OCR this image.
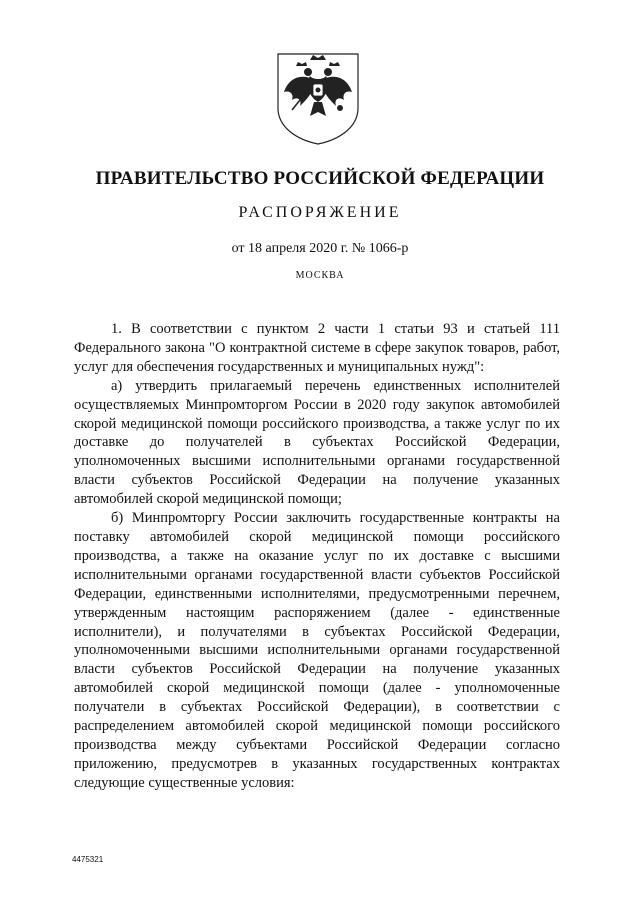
ПРАВИТЕЛЬСТВО РОССИЙСКОЙ ФЕДЕРАЦИИ
РАСПОРЯЖЕНИЕ
от 18 апреля 2020 г. № 1066-р
МОСКВА

1. В соответствии с пунктом 2 части 1 статьи 93 и статьей 111 Федерального закона "О контрактной системе в сфере закупок товаров, работ, услуг для обеспечения государственных и муниципальных нужд":

а) утвердить прилагаемый перечень единственных исполнителей осуществляемых Минпромторгом России в 2020 году закупок автомобилей скорой медицинской помощи российского производства, а также услуг по их доставке до получателей в субъектах Российской Федерации, уполномоченных высшими исполнительными органами государственной власти субъектов Российской Федерации на получение указанных автомобилей скорой медицинской помощи;

б) Минпромторгу России заключить государственные контракты на поставку автомобилей скорой медицинской помощи российского производства, а также на оказание услуг по их доставке с высшими исполнительными органами государственной власти субъектов Российской Федерации, единственными исполнителями, предусмотренными перечнем, утвержденным настоящим распоряжением (далее - единственные исполнители), и получателями в субъектах Российской Федерации, уполномоченными высшими исполнительными органами государственной власти субъектов Российской Федерации на получение указанных автомобилей скорой медицинской помощи (далее - уполномоченные получатели в субъектах Российской Федерации), в соответствии с распределением автомобилей скорой медицинской помощи российского производства между субъектами Российской Федерации согласно приложению, предусмотрев в указанных государственных контрактах следующие существенные условия:

4475321
